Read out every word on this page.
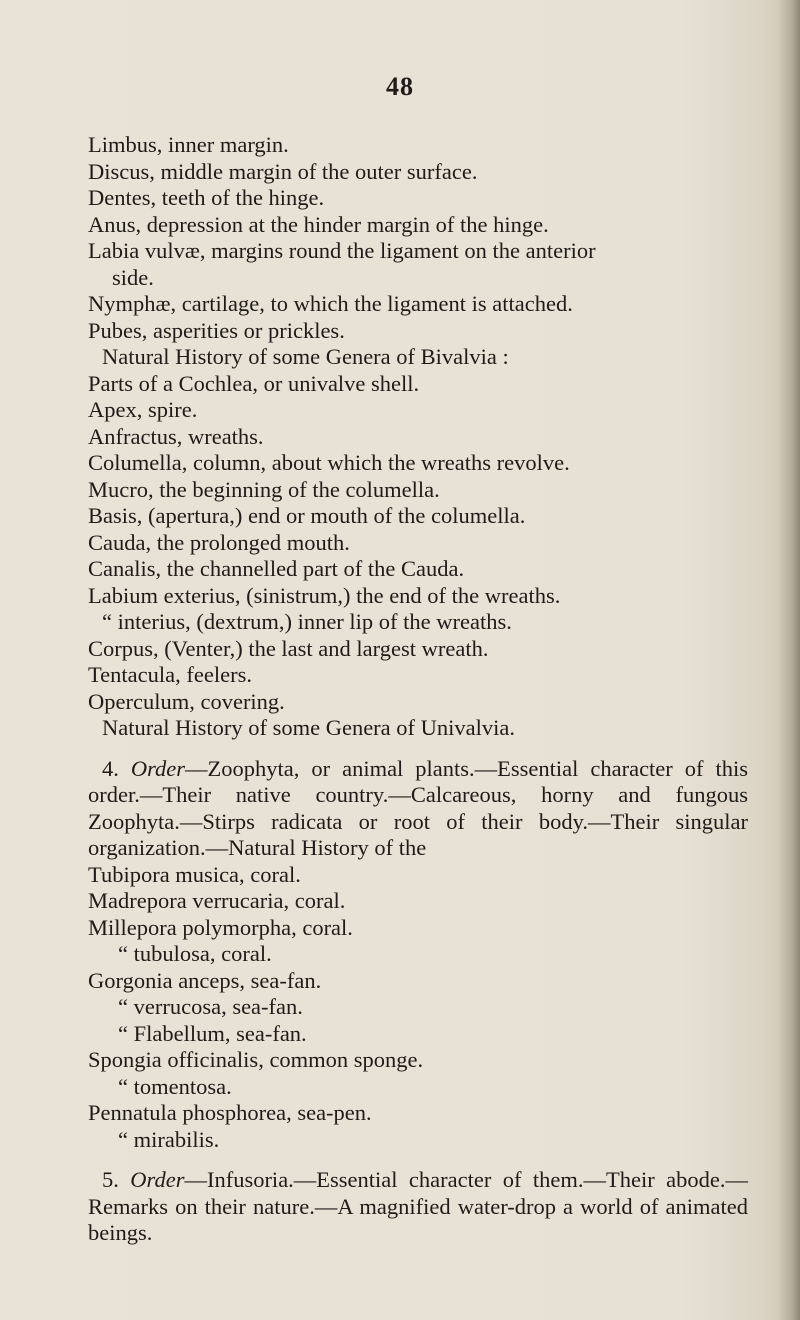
48
Limbus, inner margin.
Discus, middle margin of the outer surface.
Dentes, teeth of the hinge.
Anus, depression at the hinder margin of the hinge.
Labia vulvæ, margins round the ligament on the anterior
side.
Nymphæ, cartilage, to which the ligament is attached.
Pubes, asperities or prickles.
Natural History of some Genera of Bivalvia :
Parts of a Cochlea, or univalve shell.
Apex, spire.
Anfractus, wreaths.
Columella, column, about which the wreaths revolve.
Mucro, the beginning of the columella.
Basis, (apertura,) end or mouth of the columella.
Cauda, the prolonged mouth.
Canalis, the channelled part of the Cauda.
Labium exterius, (sinistrum,) the end of the wreaths.
“ interius, (dextrum,) inner lip of the wreaths.
Corpus, (Venter,) the last and largest wreath.
Tentacula, feelers.
Operculum, covering.
Natural History of some Genera of Univalvia.
4. Order—Zoophyta, or animal plants.—Essential character of this order.—Their native country.—Calcareous, horny and fungous Zoophyta.—Stirps radicata or root of their body.—Their singular organization.—Natural History of the
Tubipora musica, coral.
Madrepora verrucaria, coral.
Millepora polymorpha, coral.
“ tubulosa, coral.
Gorgonia anceps, sea-fan.
“ verrucosa, sea-fan.
“ Flabellum, sea-fan.
Spongia officinalis, common sponge.
“ tomentosa.
Pennatula phosphorea, sea-pen.
“ mirabilis.
5. Order—Infusoria.—Essential character of them.—Their abode.—Remarks on their nature.—A magnified water-drop a world of animated beings.
